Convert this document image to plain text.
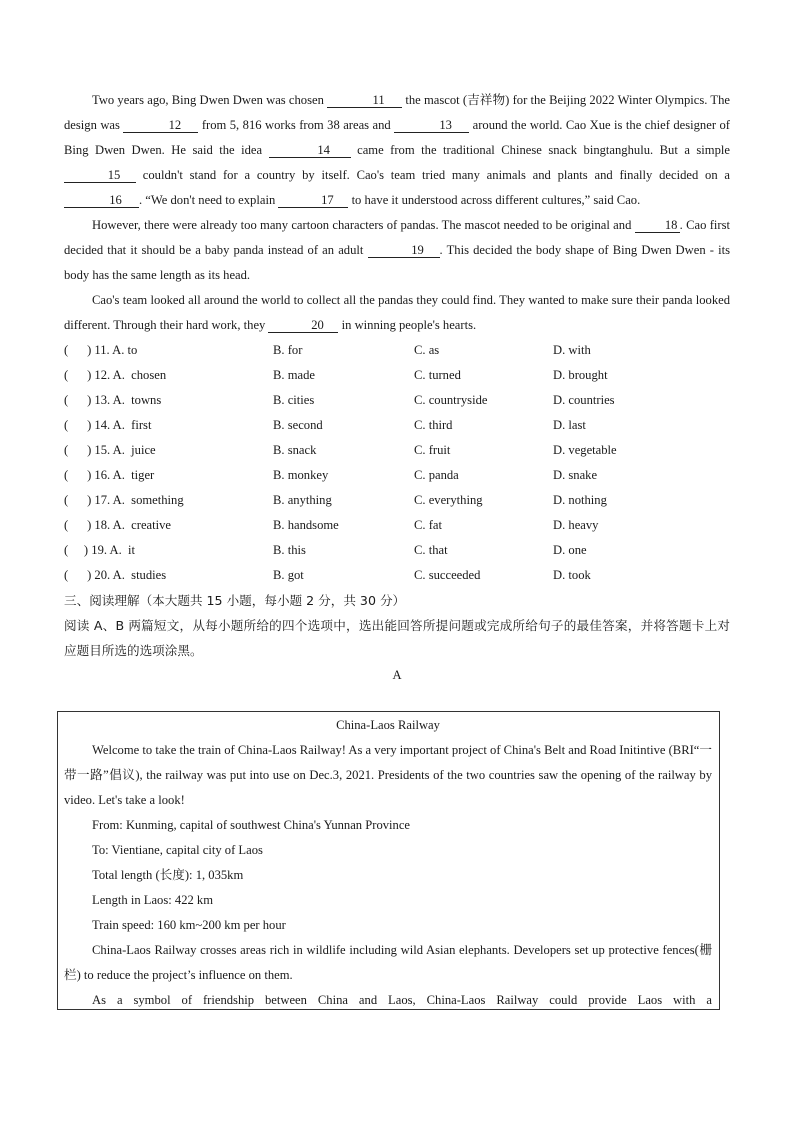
Two years ago, Bing Dwen Dwen was chosen	11 the mascot (吉祥物) for the Beijing 2022 Winter Olympics. The design was	12 from 5, 816 works from 38 areas and	13 around the world. Cao Xue is the chief designer of Bing Dwen Dwen. He said the idea	14 came from the traditional Chinese snack bingtanghulu. But a simple 15 couldn't stand for a country by itself. Cao's team tried many animals and plants and finally decided on a16 . “We don't need to explain	17 to have it understood across different cultures,” said Cao.
However, there were already too many cartoon characters of pandas. The mascot needed to be original and	18 . Cao first decided that it should be a baby panda instead of an adult	19 . This decided the body shape of Bing Dwen Dwen - its body has the same length as its head.
Cao's team looked all around the world to collect all the pandas they could find. They wanted to make sure their panda looked different. Through their hard work, they	20 in winning people's hearts.
(      ) 11. A. to	B. for	C. as	D. with
(      ) 12. A.  chosen	B. made	C. turned	D. brought
(      ) 13. A.  towns	B. cities	C. countryside	D. countries
(      ) 14. A.  first	B. second	C. third	D. last
(      ) 15. A.  juice	B. snack	C. fruit	D. vegetable
(      ) 16. A.  tiger	B. monkey	C. panda	D. snake
(      ) 17. A.  something	B. anything	C. everything	D. nothing
(      ) 18. A.  creative	B. handsome	C. fat	D. heavy
(     ) 19. A.  it	B. this	C. that	D. one
(      ) 20. A.  studies	B. got	C. succeeded	D. took
三、阅读理解（本大题共 15 小题，每小题 2 分，共 30 分）
阅读 A、B 两篇短文，从每小题所给的四个选项中，选出能回答所提问题或完成所给句子的最佳答案，并将答题卡上对应题目所选的选项涂黑。
A
China-Laos Railway
Welcome to take the train of China-Laos Railway! As a very important project of China's Belt and Road Initintive (BRI“一带一路”倡议), the railway was put into use on Dec.3, 2021. Presidents of the two countries saw the opening of the railway by video. Let's take a look!
From: Kunming, capital of southwest China's Yunnan Province
To: Vientiane, capital city of Laos
Total length (长度): 1, 035km
Length in Laos: 422 km
Train speed: 160 km~200 km per hour
China-Laos Railway crosses areas rich in wildlife including wild Asian elephants. Developers set up protective fences(栅栏) to reduce the project’s influence on them.
As a symbol of friendship between China and Laos, China-Laos Railway could provide Laos with a
